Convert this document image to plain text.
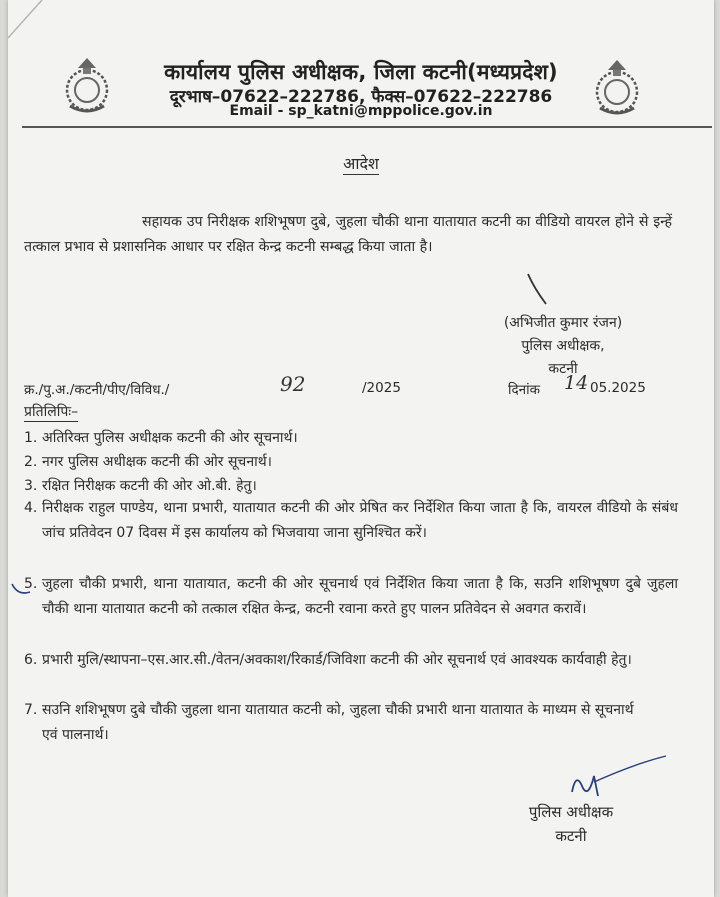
कार्यालय पुलिस अधीक्षक, जिला कटनी(मध्यप्रदेश)
दूरभाष–07622–222786, फैक्स–07622–222786
Email - sp_katni@mppolice.gov.in
आदेश
सहायक उप निरीक्षक शशिभूषण दुबे, जुहला चौकी थाना यातायात कटनी का वीडियो वायरल होने से इन्हें तत्काल प्रभाव से प्रशासनिक आधार पर रक्षित केन्द्र कटनी सम्बद्ध किया जाता है।
(अभिजीत कुमार रंजन)
पुलिस अधीक्षक,
कटनी
क्र./पु.अ./कटनी/पीए/विविध./	92	/2025	दिनांक 14 05.2025
प्रतिलिपिः–
1. अतिरिक्त पुलिस अधीक्षक कटनी की ओर सूचनार्थ।
2. नगर पुलिस अधीक्षक कटनी की ओर सूचनार्थ।
3. रक्षित निरीक्षक कटनी की ओर ओ.बी. हेतु।
4. निरीक्षक राहुल पाण्डेय, थाना प्रभारी, यातायात कटनी की ओर प्रेषित कर निर्देशित किया जाता है कि, वायरल वीडियो के संबंध जांच प्रतिवेदन 07 दिवस में इस कार्यालय को भिजवाया जाना सुनिश्चित करें।
5. जुहला चौकी प्रभारी, थाना यातायात, कटनी की ओर सूचनार्थ एवं निर्देशित किया जाता है कि, सउनि शशिभूषण दुबे जुहला चौकी थाना यातायात कटनी को तत्काल रक्षित केन्द्र, कटनी रवाना करते हुए पालन प्रतिवेदन से अवगत करावें।
6. प्रभारी मुलि/स्थापना–एस.आर.सी./वेतन/अवकाश/रिकार्ड/जिविशा कटनी की ओर सूचनार्थ एवं आवश्यक कार्यवाही हेतु।
7. सउनि शशिभूषण दुबे चौकी जुहला थाना यातायात कटनी को, जुहला चौकी प्रभारी थाना यातायात के माध्यम से सूचनार्थ एवं पालनार्थ।
पुलिस अधीक्षक
कटनी
